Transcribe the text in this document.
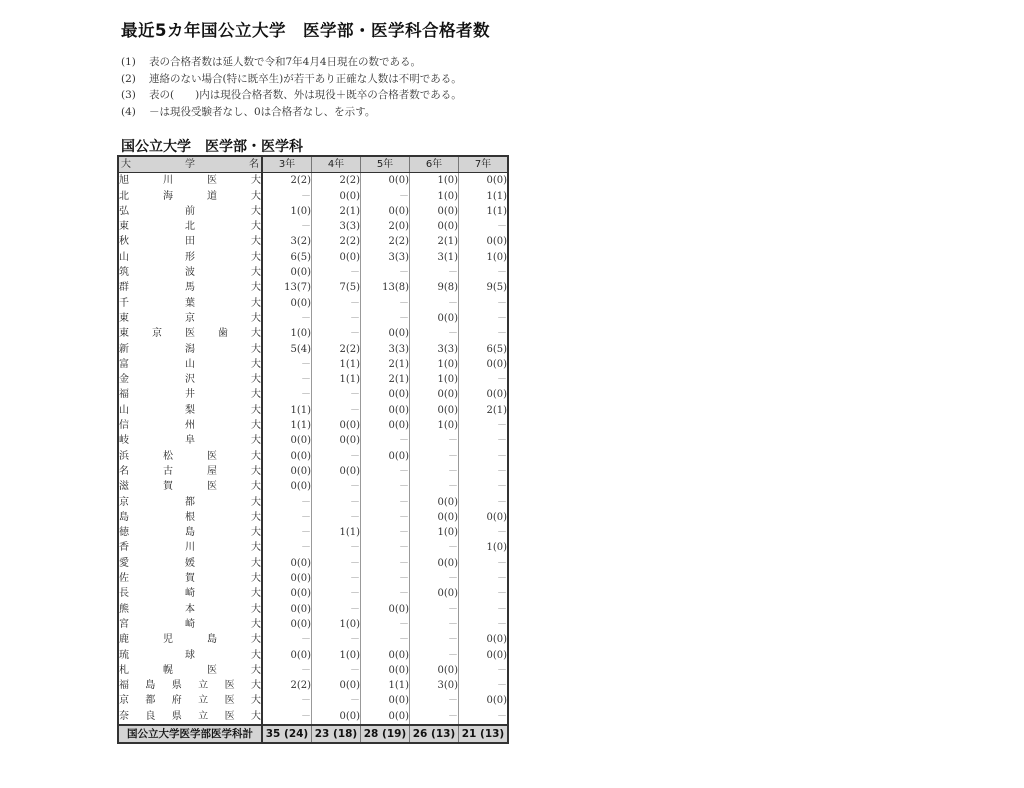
最近5カ年国公立大学　医学部・医学科合格者数
(1) 表の合格者数は延人数で令和7年4月4日現在の数である。
(2) 連絡のない場合(特に既卒生)が若干あり正確な人数は不明である。
(3) 表の(　　)内は現役合格者数、外は現役＋既卒の合格者数である。
(4) －は現役受験者なし、0は合格者なし、を示す。
国公立大学　医学部・医学科
大 学 名	3年	4年	5年	6年	7年

旭 川 医 大	2(2)	2(2)	0(0)	1(0)	0(0)

北 海 道 大	－	0(0)	－	1(0)	1(1)

弘 前 大	1(0)	2(1)	0(0)	0(0)	1(1)

東 北 大	－	3(3)	2(0)	0(0)	－

秋 田 大	3(2)	2(2)	2(2)	2(1)	0(0)

山 形 大	6(5)	0(0)	3(3)	3(1)	1(0)

筑 波 大	0(0)	－	－	－	－

群 馬 大	13(7)	7(5)	13(8)	9(8)	9(5)

千 葉 大	0(0)	－	－	－	－

東 京 大	－	－	－	0(0)	－

東 京 医 歯 大	1(0)	－	0(0)	－	－

新 潟 大	5(4)	2(2)	3(3)	3(3)	6(5)

富 山 大	－	1(1)	2(1)	1(0)	0(0)

金 沢 大	－	1(1)	2(1)	1(0)	－

福 井 大	－	－	0(0)	0(0)	0(0)

山 梨 大	1(1)	－	0(0)	0(0)	2(1)

信 州 大	1(1)	0(0)	0(0)	1(0)	－

岐 阜 大	0(0)	0(0)	－	－	－

浜 松 医 大	0(0)	－	0(0)	－	－

名 古 屋 大	0(0)	0(0)	－	－	－

滋 賀 医 大	0(0)	－	－	－	－

京 都 大	－	－	－	0(0)	－

島 根 大	－	－	－	0(0)	0(0)

徳 島 大	－	1(1)	－	1(0)	－

香 川 大	－	－	－	－	1(0)

愛 媛 大	0(0)	－	－	0(0)	－

佐 賀 大	0(0)	－	－	－	－

長 崎 大	0(0)	－	－	0(0)	－

熊 本 大	0(0)	－	0(0)	－	－

宮 崎 大	0(0)	1(0)	－	－	－

鹿 児 島 大	－	－	－	－	0(0)

琉 球 大	0(0)	1(0)	0(0)	－	0(0)

札 幌 医 大	－	－	0(0)	0(0)	－

福 島 県 立 医 大	2(2)	0(0)	1(1)	3(0)	－

京 都 府 立 医 大	－	－	0(0)	－	0(0)

奈 良 県 立 医 大	－	0(0)	0(0)	－	－
国公立大学医学部医学科計	35 (24)	23 (18)	28 (19)	26 (13)	21 (13)
